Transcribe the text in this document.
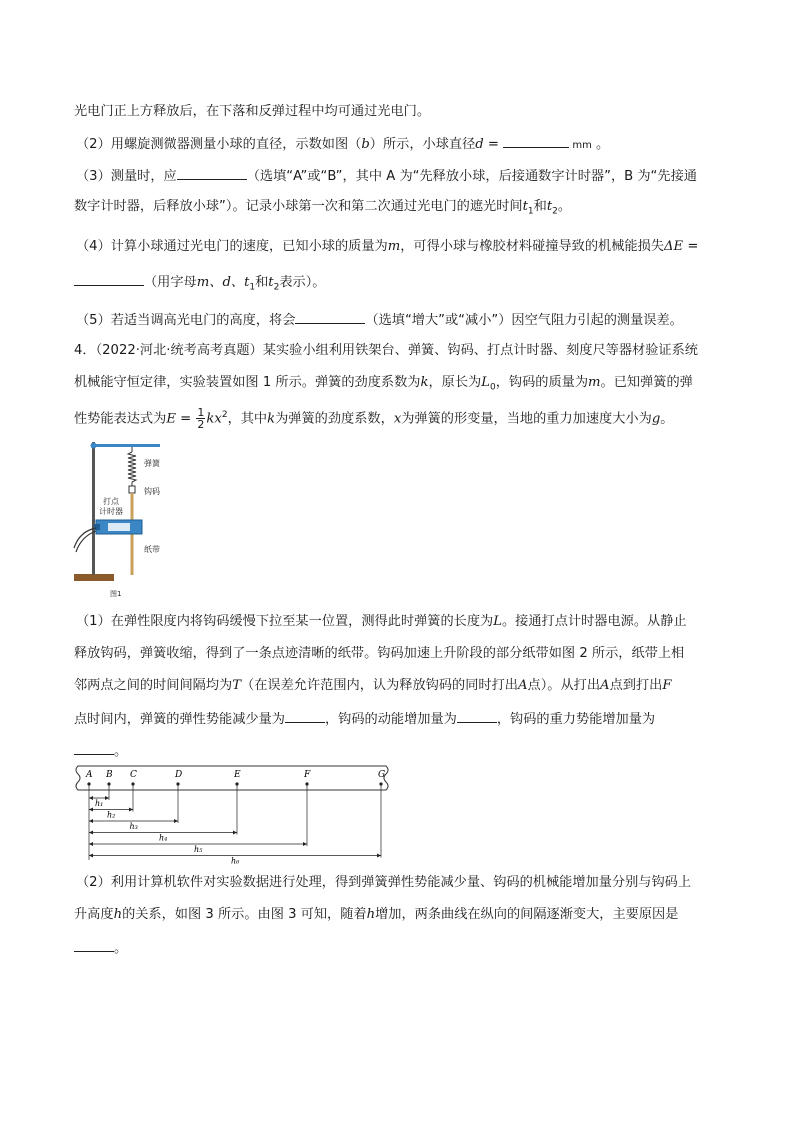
光电门正上方释放后，在下落和反弹过程中均可通过光电门。
（2）用螺旋测微器测量小球的直径，示数如图（b）所示，小球直径d =	mm 。
（3）测量时，应	（选填“A”或“B”，其中 A 为“先释放小球，后接通数字计时器”，B 为“先接通
数字计时器，后释放小球”）。记录小球第一次和第二次通过光电门的遮光时间$t_1$和$t_2$。
（4）计算小球通过光电门的速度，已知小球的质量为m，可得小球与橡胶材料碰撞导致的机械能损失ΔE =
（用字母m、d、$t_1$和$t_2$表示）。
（5）若适当调高光电门的高度，将会	（选填“增大”或“减小”）因空气阻力引起的测量误差。
4．（2022·河北·统考高考真题）某实验小组利用铁架台、弹簧、钩码、打点计时器、刻度尺等器材验证系统
机械能守恒定律，实验装置如图 1 所示。弹簧的劲度系数为k，原长为$L_0$，钩码的质量为m。已知弹簧的弹
性势能表达式为$E = \frac{1}{2} kx^2$，其中k为弹簧的劲度系数，x为弹簧的形变量，当地的重力加速度大小为g。
弹簧
钩码
打点
计时器
纸带
图1
（1）在弹性限度内将钩码缓慢下拉至某一位置，测得此时弹簧的长度为L。接通打点计时器电源。从静止
释放钩码，弹簧收缩，得到了一条点迹清晰的纸带。钩码加速上升阶段的部分纸带如图 2 所示，纸带上相
邻两点之间的时间间隔均为T（在误差允许范围内，认为释放钩码的同时打出A点）。从打出A点到打出F
点时间内，弹簧的弹性势能减少量为	，钩码的动能增加量为	，钩码的重力势能增加量为
。
A B C	D	E	F	G
h₁
h₂
h₃
h₄
h₅
h₆
（2）利用计算机软件对实验数据进行处理，得到弹簧弹性势能减少量、钩码的机械能增加量分别与钩码上
升高度h的关系，如图 3 所示。由图 3 可知，随着h增加，两条曲线在纵向的间隔逐渐变大，主要原因是
。
